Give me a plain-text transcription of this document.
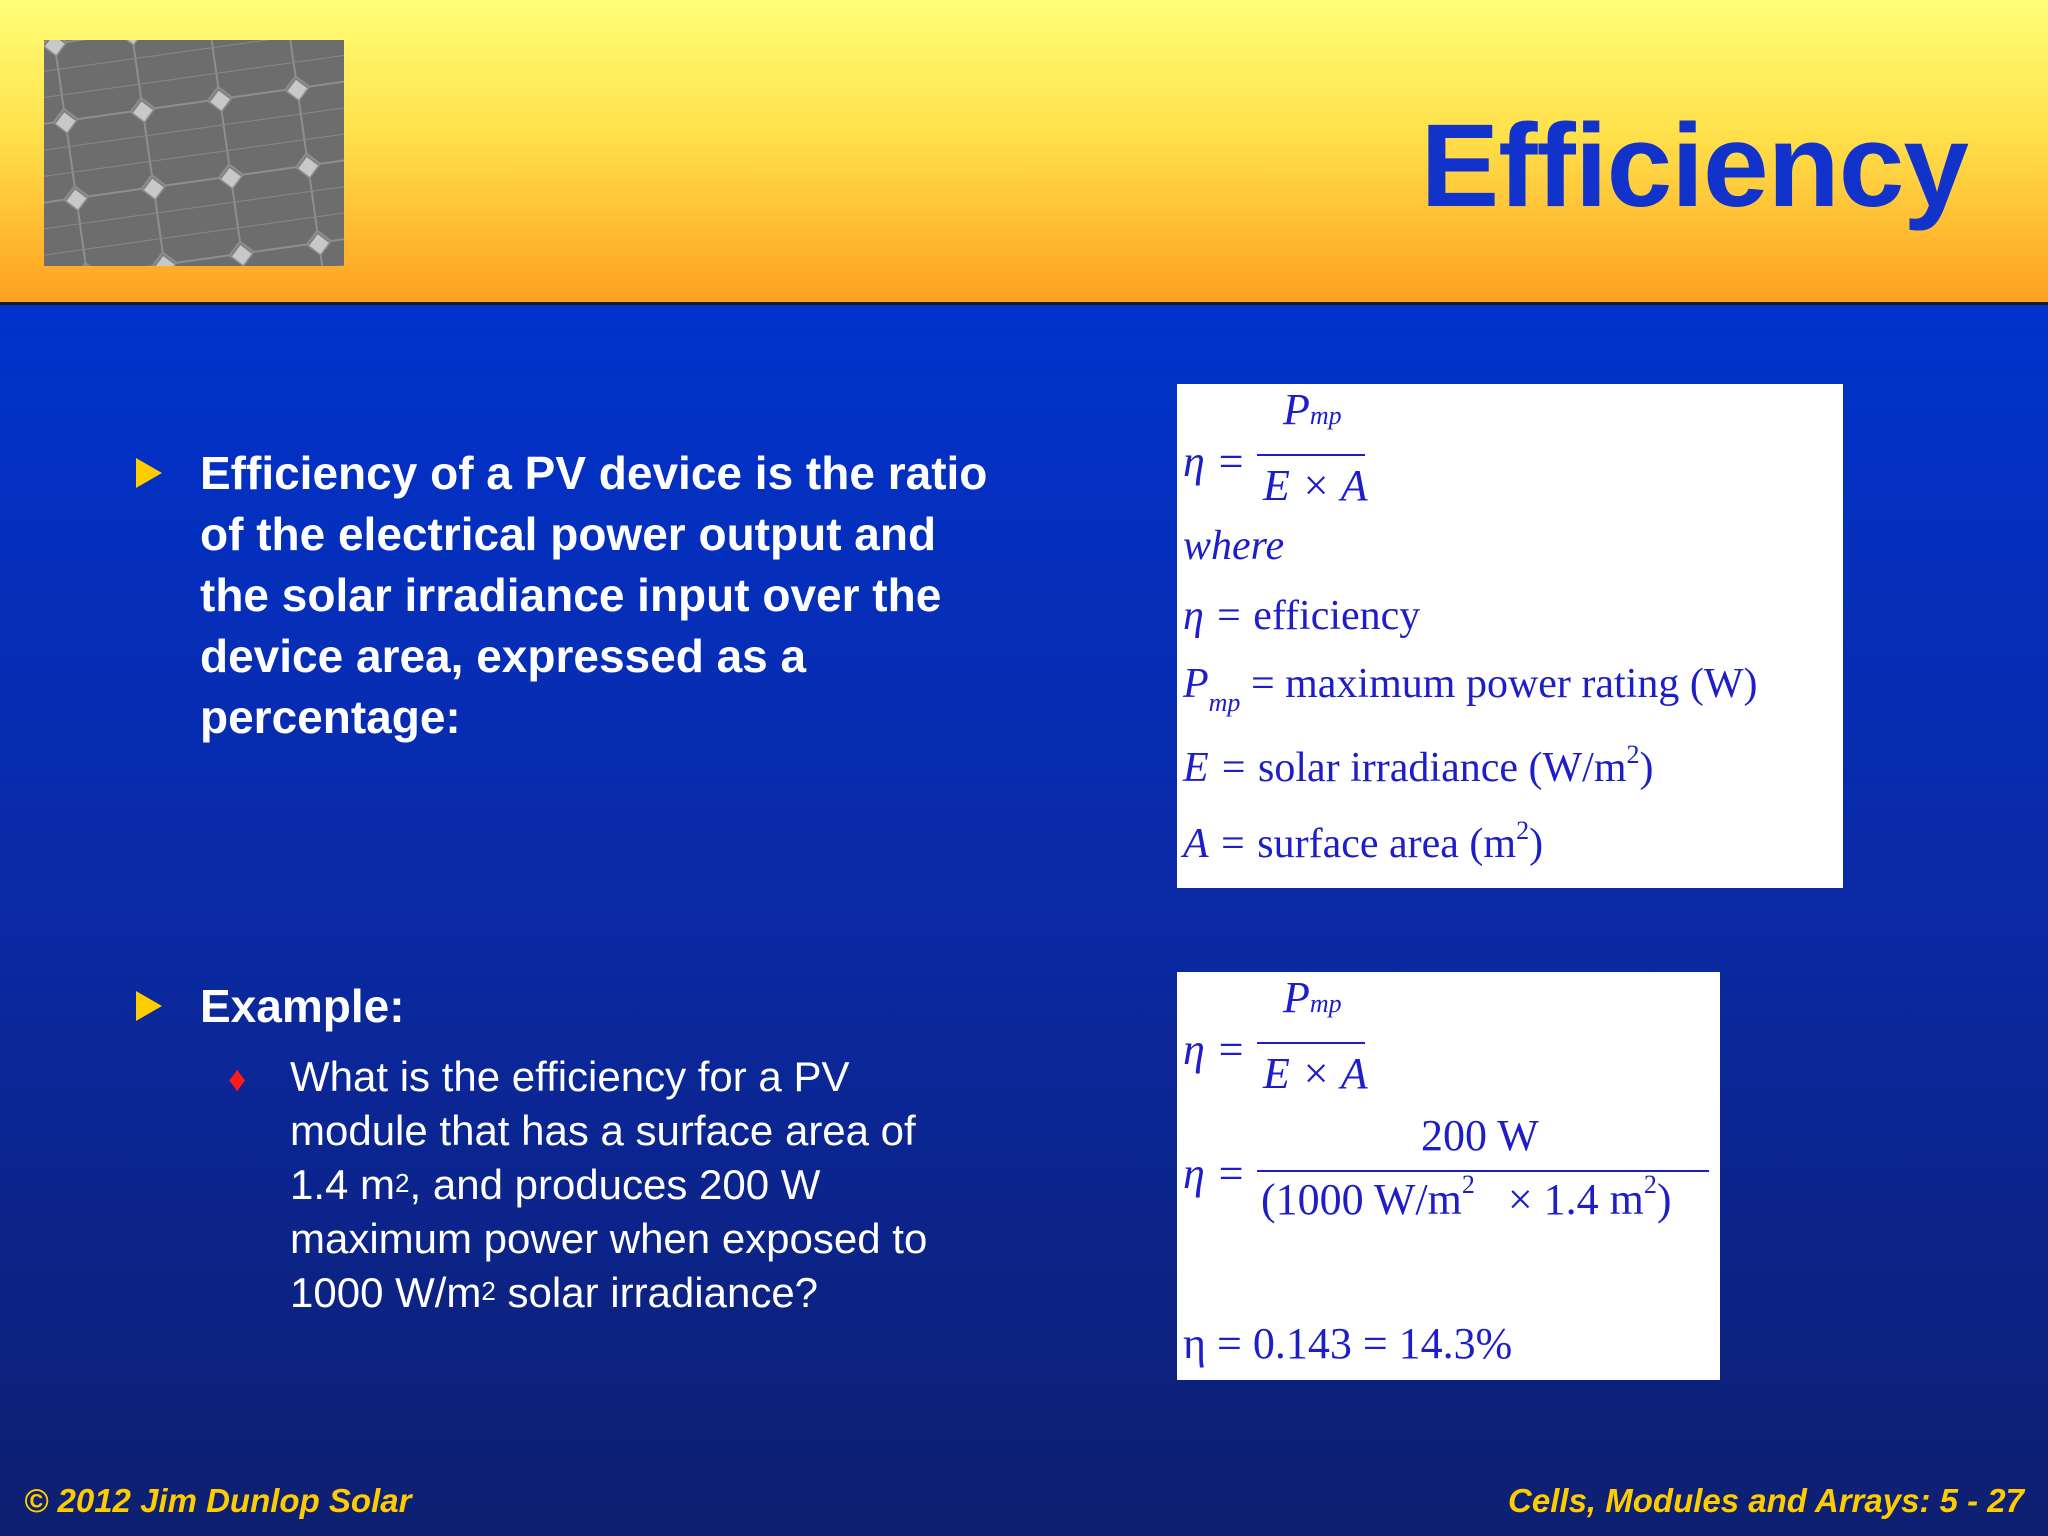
Efficiency

Efficiency of a PV device is the ratio of the electrical power output and the solar irradiance input over the device area, expressed as a percentage:

Example:

♦ What is the efficiency for a PV
module that has a surface area of
1.4 $m^2$, and produces 200 W
maximum power when exposed to
1000 $W/m^2$ solar irradiance?
η =
Pmp
E × A
where
η = efficiency
$P_{mp}$ = maximum power rating (W)
E = solar irradiance $(W/m^2)$
A = surface area $(m^2)$
η =
Pmp
E × A
η =
200 W
(1000 $W/m^2 \times 1.4$ $m^2$)
η = 0.143 = 14.3%
© 2012 Jim Dunlop Solar	Cells, Modules and Arrays: 5 - 27
